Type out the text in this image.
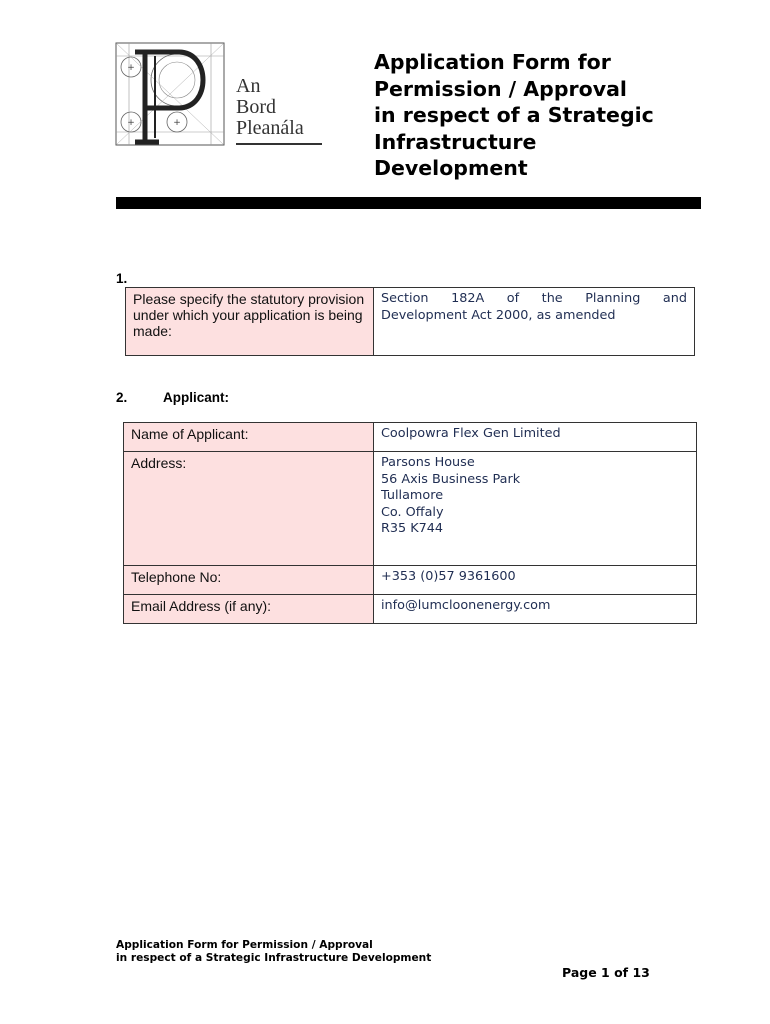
+
+	+
An
Bord
Pleanála
Application Form for
Permission / Approval
in respect of a Strategic
Infrastructure
Development
1.
Please specify the statutory provision under which your application is being made:	
Section 182A of the Planning and
Development Act 2000, as amended
2.	Applicant:
Name of Applicant:	Coolpowra Flex Gen Limited

Address:	Parsons House
56 Axis Business Park
Tullamore
Co. Offaly
R35 K744

Telephone No:	+353 (0)57 9361600

Email Address (if any):	info@lumcloonenergy.com
Application Form for Permission / Approval
in respect of a Strategic Infrastructure Development
Page 1 of 13
